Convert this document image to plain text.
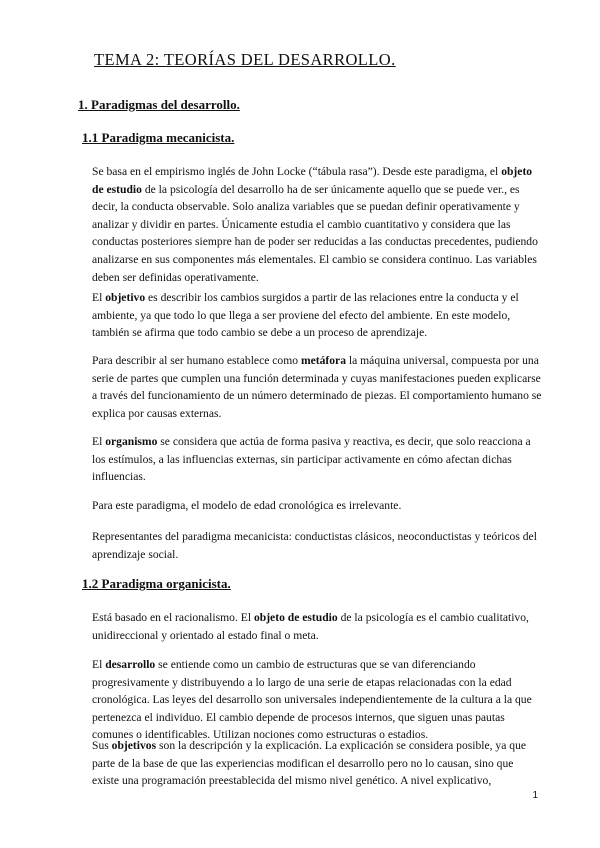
TEMA 2: TEORÍAS DEL DESARROLLO.
1. Paradigmas del desarrollo.
1.1 Paradigma mecanicista.

Se basa en el empirismo inglés de John Locke (“tábula rasa”). Desde este paradigma, el objeto de estudio de la psicología del desarrollo ha de ser únicamente aquello que se puede ver., es decir, la conducta observable. Solo analiza variables que se puedan definir operativamente y analizar y dividir en partes. Únicamente estudia el cambio cuantitativo y considera que las conductas posteriores siempre han de poder ser reducidas a las conductas precedentes, pudiendo analizarse en sus componentes más elementales. El cambio se considera continuo. Las variables deben ser definidas operativamente.

El objetivo es describir los cambios surgidos a partir de las relaciones entre la conducta y el ambiente, ya que todo lo que llega a ser proviene del efecto del ambiente. En este modelo, también se afirma que todo cambio se debe a un proceso de aprendizaje.

Para describir al ser humano establece como metáfora la máquina universal, compuesta por una serie de partes que cumplen una función determinada y cuyas manifestaciones pueden explicarse a través del funcionamiento de un número determinado de piezas. El comportamiento humano se explica por causas externas.

El organismo se considera que actúa de forma pasiva y reactiva, es decir, que solo reacciona a los estímulos, a las influencias externas, sin participar activamente en cómo afectan dichas influencias.

Para este paradigma, el modelo de edad cronológica es irrelevante.

Representantes del paradigma mecanicista: conductistas clásicos, neoconductistas y teóricos del aprendizaje social.

1.2 Paradigma organicista.

Está basado en el racionalismo. El objeto de estudio de la psicología es el cambio cualitativo, unidireccional y orientado al estado final o meta.

El desarrollo se entiende como un cambio de estructuras que se van diferenciando progresivamente y distribuyendo a lo largo de una serie de etapas relacionadas con la edad cronológica. Las leyes del desarrollo son universales independientemente de la cultura a la que pertenezca el individuo. El cambio depende de procesos internos, que siguen unas pautas comunes o identificables. Utilizan nociones como estructuras o estadios.

Sus objetivos son la descripción y la explicación. La explicación se considera posible, ya que parte de la base de que las experiencias modifican el desarrollo pero no lo causan, sino que existe una programación preestablecida del mismo nivel genético. A nivel explicativo,

1
